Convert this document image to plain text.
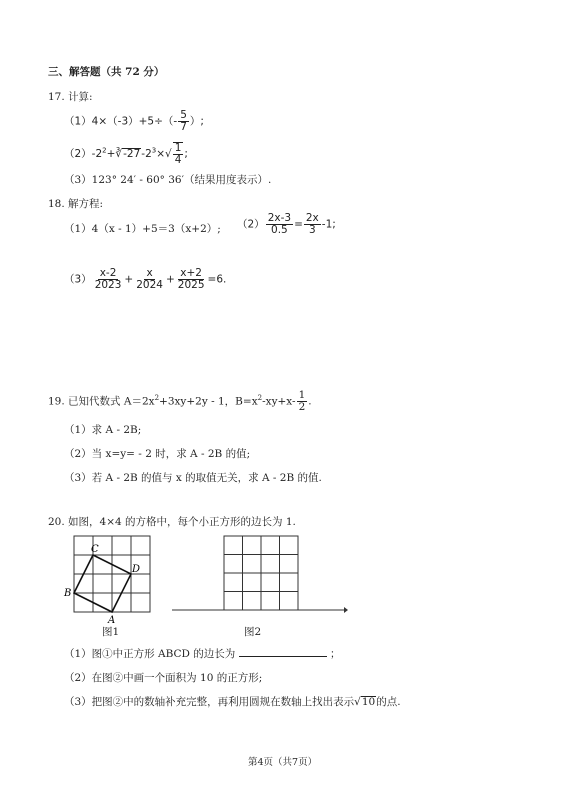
三、解答题（共 72 分）
17. 计算:
$(1)4\times(-3)+5\div(- \frac{5}{7}$ ）;
$(2)-2^2+∛-27-2^3\times√ \frac{1}{4}$ ;
（3）123° 24′ - 60° 36′（结果用度表示）.
18. 解方程:
（1）4（x - 1）+5＝3（x+2）; $(2) \frac{2x-3}{0.5} = \frac{2x}{3} -1$;
$(3) \frac{x-2}{2023} + \frac{x}{2024} + \frac{x+2}{2025} =6$.
19. 已知代数式 $A=2x^2+3xy+2y - 1$，$B=x^2-xy+x- \frac{1}{2}$ .
（1）求 A - 2B;
（2）当 x=y= - 2 时，求 A - 2B 的值;
（3）若 A - 2B 的值与 x 的取值无关，求 A - 2B 的值.
20. 如图，4×4 的方格中，每个小正方形的边长为 1.
C
D
B
A
图1	图2
（1）图①中正方形 ABCD 的边长为	；
（2）在图②中画一个面积为 10 的正方形;
（3）把图②中的数轴补充完整，再利用圆规在数轴上找出表示√10的点.
第4页（共7页）
